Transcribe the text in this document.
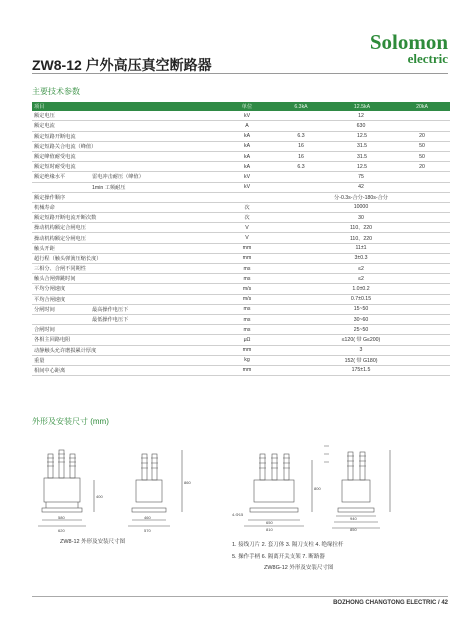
Solomon
electric
ZW8-12 户外高压真空断路器
主要技术参数
项目	单位	6.3kA	12.5kA	20kA
额定电压	kV	12		
额定电流	A	630		
额定短路开断电流	kA	6.3	12.5	20
额定短路关合电流（峰值）	kA	16	31.5	50
额定峰值耐受电流	kA	16	31.5	50
额定短时耐受电流	kA	6.3	12.5	20

额定绝缘水平 雷电冲击耐压（峰值）	kV	75		
1min 工频耐压	kV	42		
额定操作顺序		分-0.3s-合分-180s-合分		
机械寿命	次	10000		
额定短路开断电流开断次数	次	30		
操动机构额定合闸电压	V	110、220		
操动机构额定分闸电压	V	110、220		
触头开距	mm	11±1		
超行程（触头弹簧压缩长度）	mm	3±0.3		
三相分、合闸不同期性	ms	≤2		
触头合闸弹跳时间	ms	≤2		
平均分闸速度	m/s	1.0±0.2		
平均合闸速度	m/s	0.7±0.15		

分闸时间 最高操作电压下	ms	15~50		
最低操作电压下	ms	30~60		
合闸时间	ms	25~50		
各相主回路电阻	μΩ	≤120( 带 G≤200)		
动静触头允许磨损累计厚度	mm	3		
重量	kg	152( 带 G180)		
相间中心距离	mm	175±1.5		
外形及安装尺寸 (mm)
580
620
460
570
400
860
4-Φ15
650
810
940
850
800
ZW8-12 外形及安装尺寸图	1. 接线刀片 2. 套刀体 3. 隔刀支柱 4. 绝缘拉杆
5. 操作手柄 6. 隔离开关支架 7. 断路器
ZW8G-12 外形及安装尺寸图
BOZHONG CHANGTONG ELECTRIC / 42
